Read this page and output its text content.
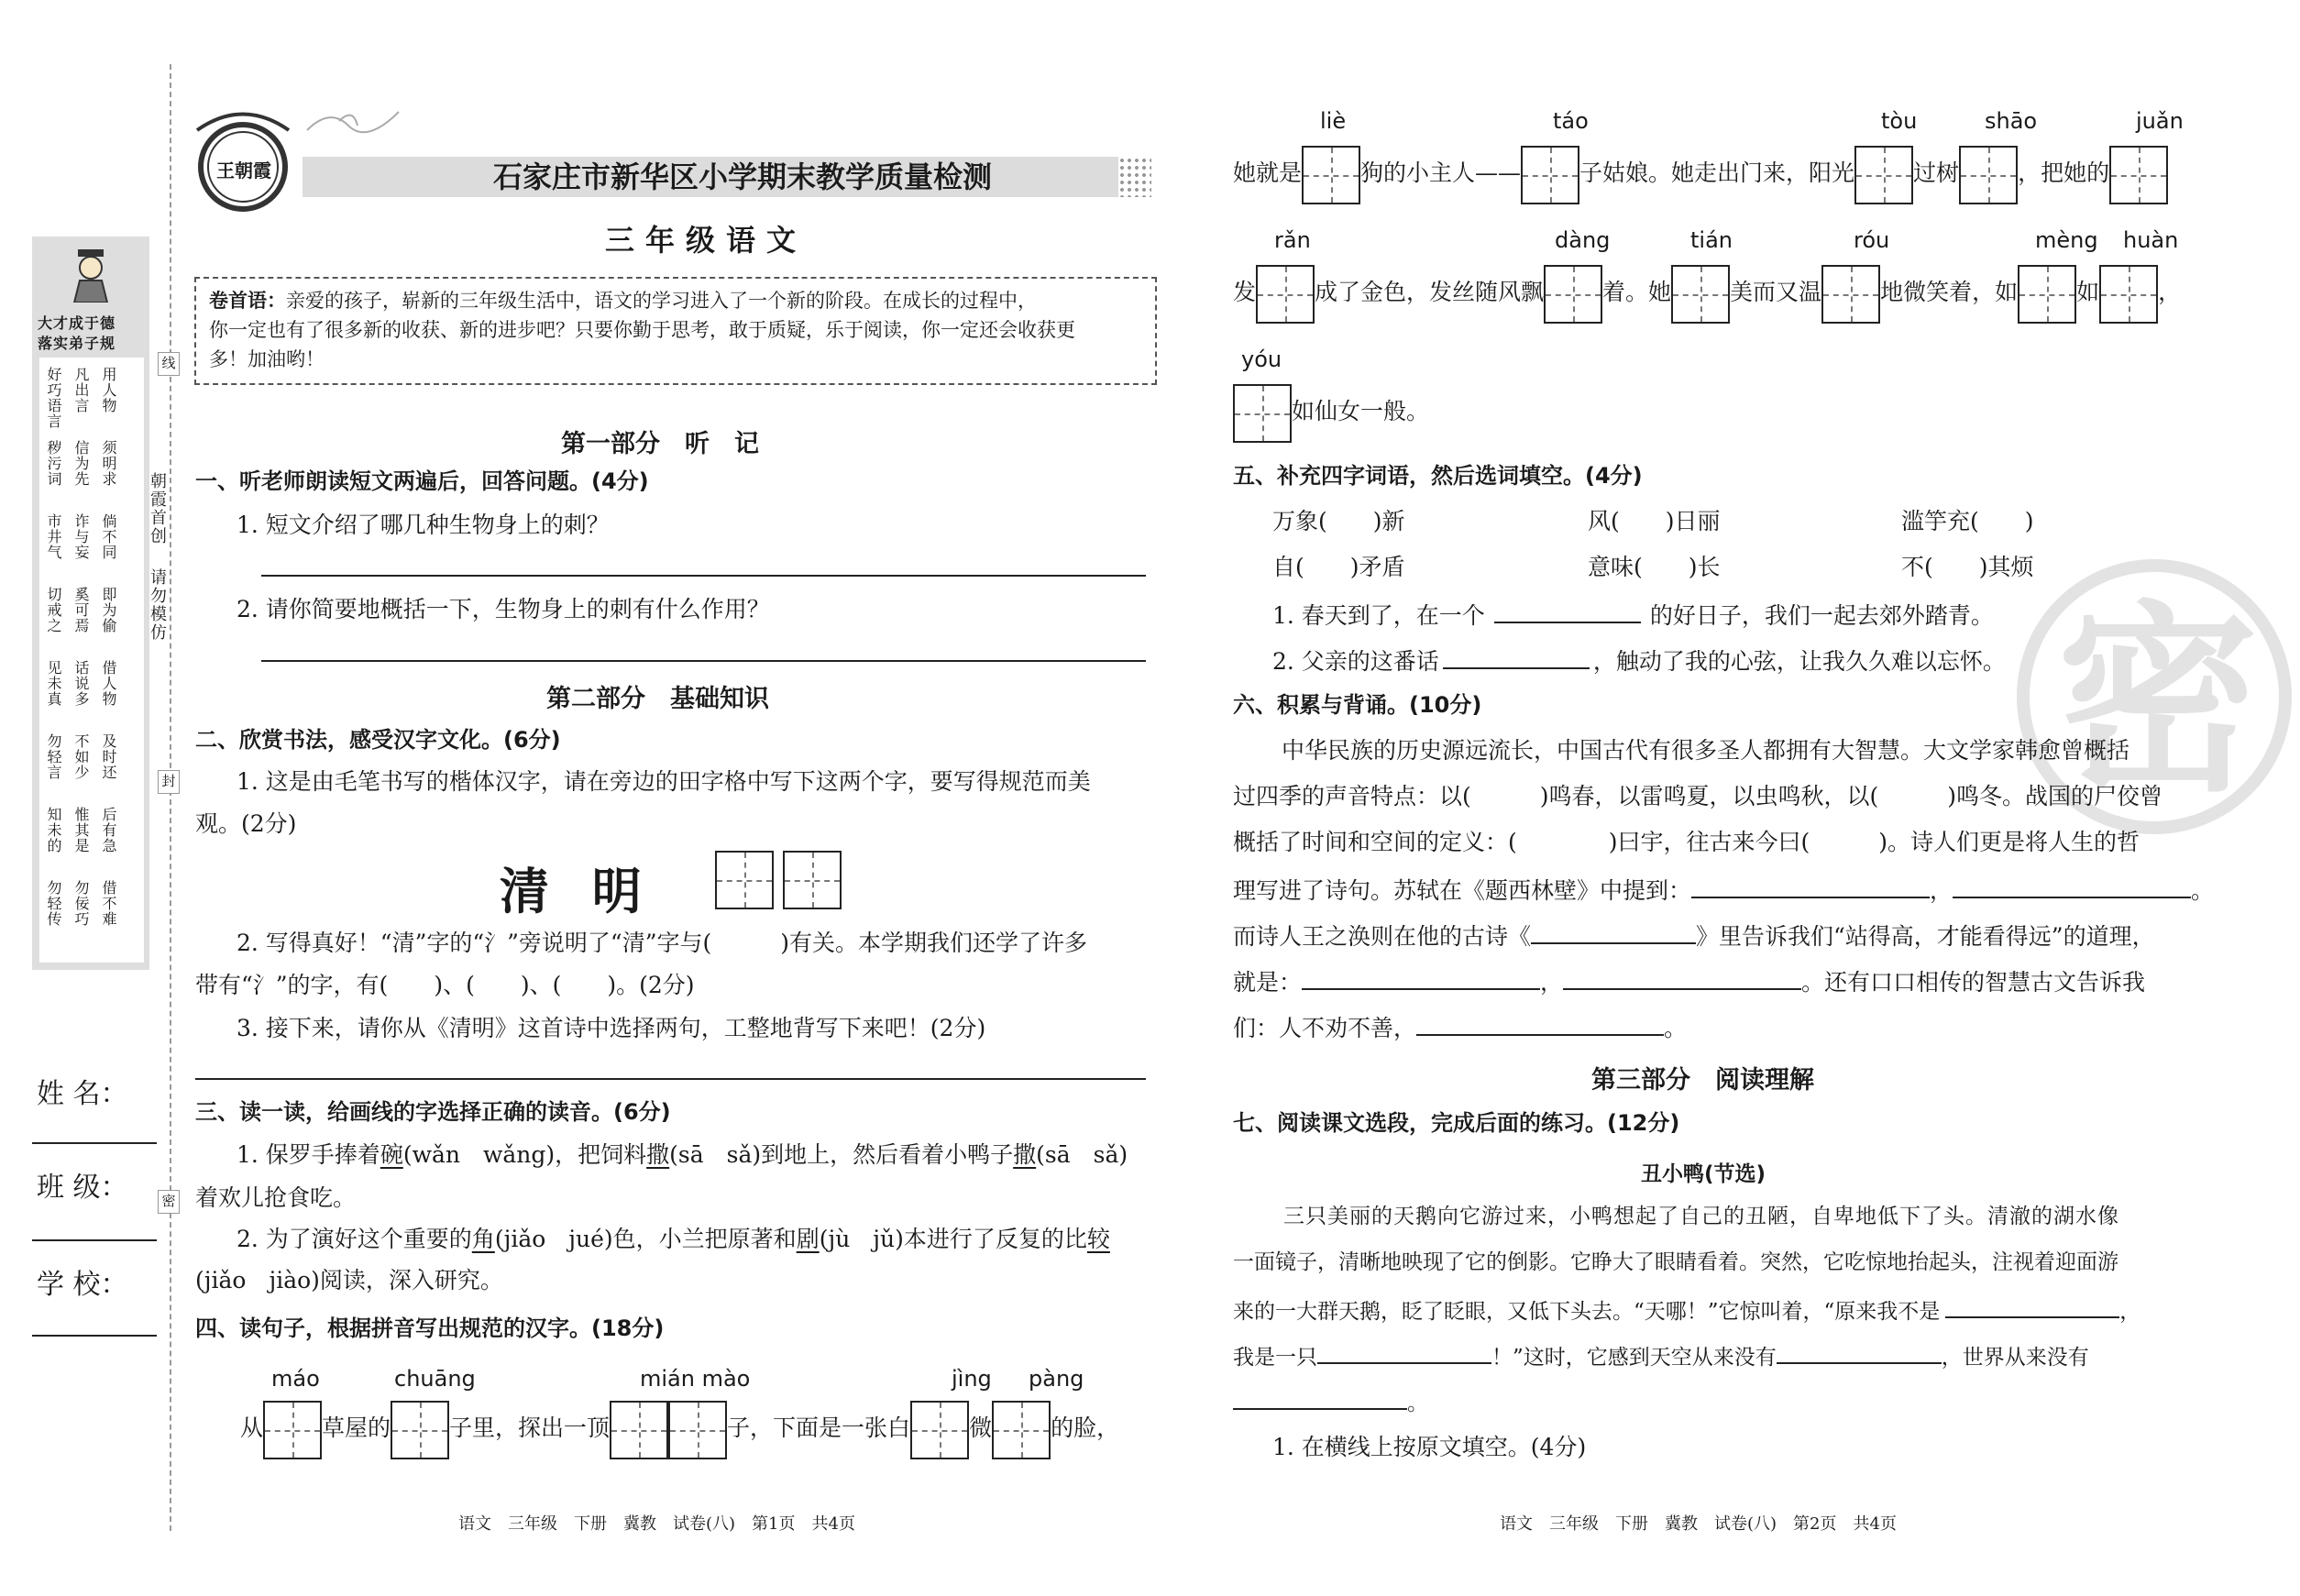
大才成于德
落实弟子规
好巧语言 凡出言 用人物
秽污词 信为先 须明求
市井气 诈与妄 倘不同
切戒之 奚可焉 即为偷
见未真 话说多 借人物
勿轻言 不如少 及时还
知未的 惟其是 后有急
勿轻传 勿佞巧 借不难
线
朝霞首创
请勿模仿
封
密
姓 名：
班 级：
学 校：
王朝霞	石家庄市新华区小学期末教学质量检测
三年级语文
卷首语：亲爱的孩子，崭新的三年级生活中，语文的学习进入了一个新的阶段。在成长的过程中，
你一定也有了很多新的收获、新的进步吧？只要你勤于思考，敢于质疑，乐于阅读，你一定还会收获更
多！加油哟！
第一部分　听　记
一、听老师朗读短文两遍后，回答问题。(4分)
1. 短文介绍了哪几种生物身上的刺？
2. 请你简要地概括一下，生物身上的刺有什么作用？
第二部分　基础知识
二、欣赏书法，感受汉字文化。(6分)
1. 这是由毛笔书写的楷体汉字，请在旁边的田字格中写下这两个字，要写得规范而美
观。(2分)
清 明
2. 写得真好！“清”字的“氵”旁说明了“清”字与(　　　)有关。本学期我们还学了许多
带有“氵”的字，有(　　)、(　　)、(　　)。(2分)
3. 接下来，请你从《清明》这首诗中选择两句，工整地背写下来吧！(2分)
三、读一读，给画线的字选择正确的读音。(6分)
1. 保罗手捧着碗(wǎn　wǎng)，把饲料撒(sā　sǎ)到地上，然后看着小鸭子撒(sā　sǎ)
着欢儿抢食吃。
2. 为了演好这个重要的角(jiǎo　jué)色，小兰把原著和剧(jù　jǔ)本进行了反复的比较
(jiǎo　jiào)阅读，深入研究。
四、读句子，根据拼音写出规范的汉字。(18分)
máo	chuāng	mián mào	jìng pàng
从	草屋的	子里，探出一顶	子，下面是一张白	微	的脸，
语文　三年级　下册　冀教　试卷(八)　第1页　共4页
密
liè	táo	tòu	shāo	juǎn
她就是	狗的小主人——	子姑娘。她走出门来，阳光	过树	，把她的
rǎn	dàng	tián	róu	mèng huàn
发	成了金色，发丝随风飘	着。她	美而又温	地微笑着，如	如	，
yóu
如仙女一般。
五、补充四字词语，然后选词填空。(4分)
万象(　　)新	风(　　)日丽	滥竽充(　　)
自(　　)矛盾	意味(　　)长	不(　　)其烦
1. 春天到了，在一个	的好日子，我们一起去郊外踏青。
2. 父亲的这番话	，触动了我的心弦，让我久久难以忘怀。
六、积累与背诵。(10分)
中华民族的历史源远流长，中国古代有很多圣人都拥有大智慧。大文学家韩愈曾概括
过四季的声音特点：以(　　　)鸣春，以雷鸣夏，以虫鸣秋，以(　　　)鸣冬。战国的尸佼曾
概括了时间和空间的定义：(　　　　)曰宇，往古来今曰(　　　)。诗人们更是将人生的哲
理写进了诗句。苏轼在《题西林壁》中提到：	，	。
而诗人王之涣则在他的古诗《	》里告诉我们“站得高，才能看得远”的道理，
就是：	，	。还有口口相传的智慧古文告诉我
们：人不劝不善，	。
第三部分　阅读理解
七、阅读课文选段，完成后面的练习。(12分)
丑小鸭(节选)
三只美丽的天鹅向它游过来，小鸭想起了自己的丑陋，自卑地低下了头。清澈的湖水像
一面镜子，清晰地映现了它的倒影。它睁大了眼睛看着。突然，它吃惊地抬起头，注视着迎面游
来的一大群天鹅，眨了眨眼，又低下头去。“天哪！”它惊叫着，“原来我不是	，
我是一只	！”这时，它感到天空从来没有	，世界从来没有
。
1. 在横线上按原文填空。(4分)
语文　三年级　下册　冀教　试卷(八)　第2页　共4页
